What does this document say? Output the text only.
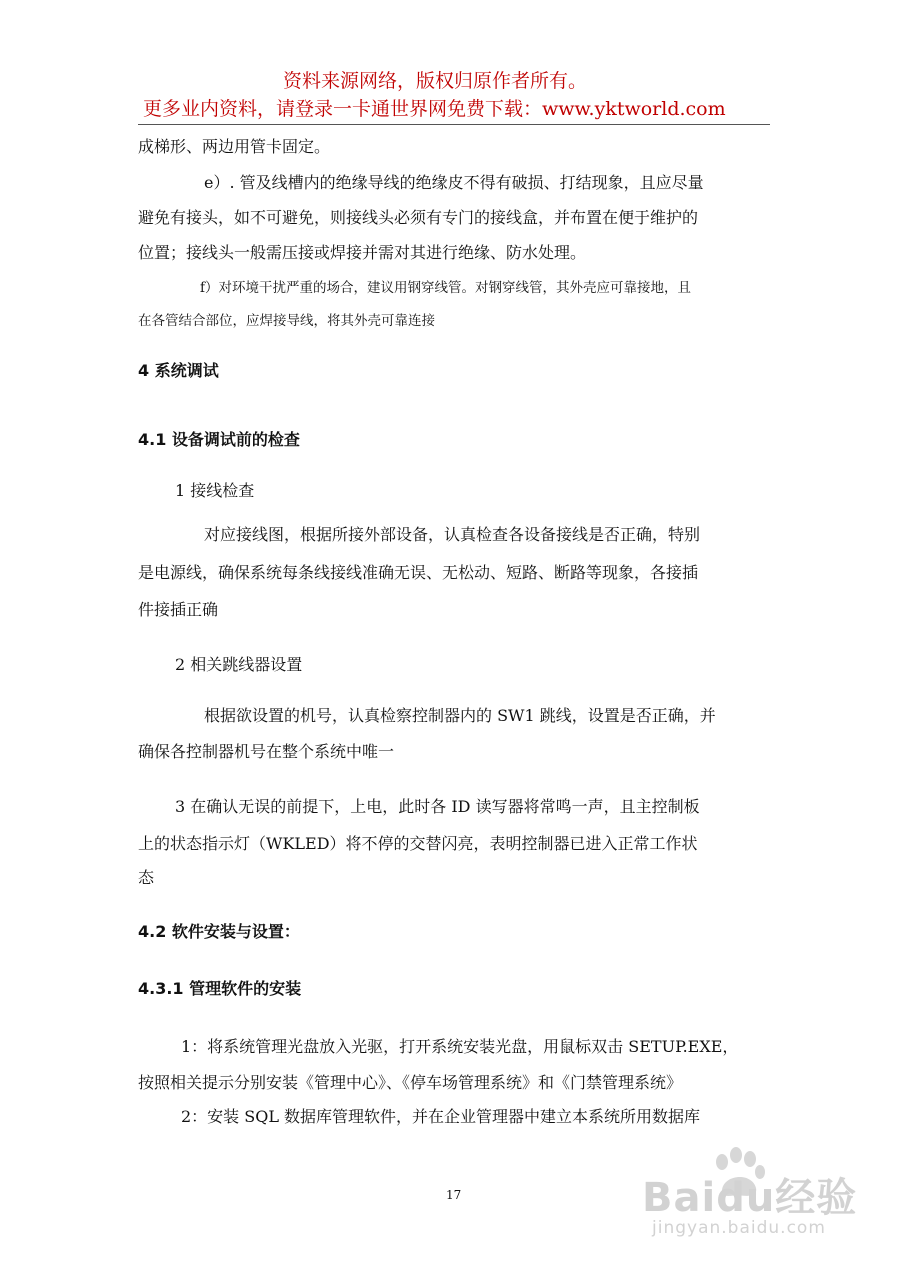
资料来源网络，版权归原作者所有。
更多业内资料，请登录一卡通世界网免费下载：www.yktworld.com
成梯形、两边用管卡固定。
e）. 管及线槽内的绝缘导线的绝缘皮不得有破损、打结现象，且应尽量
避免有接头，如不可避免，则接线头必须有专门的接线盒，并布置在便于维护的
位置；接线头一般需压接或焊接并需对其进行绝缘、防水处理。
f）对环境干扰严重的场合，建议用钢穿线管。对钢穿线管，其外壳应可靠接地，且
在各管结合部位，应焊接导线，将其外壳可靠连接
4 系统调试
4.1 设备调试前的检查
1 接线检查
对应接线图，根据所接外部设备，认真检查各设备接线是否正确，特别
是电源线，确保系统每条线接线准确无误、无松动、短路、断路等现象，各接插
件接插正确
2 相关跳线器设置
根据欲设置的机号，认真检察控制器内的 SW1 跳线，设置是否正确，并
确保各控制器机号在整个系统中唯一
3 在确认无误的前提下，上电，此时各 ID 读写器将常鸣一声，且主控制板
上的状态指示灯（WKLED）将不停的交替闪亮，表明控制器已进入正常工作状
态
4.2 软件安装与设置：
4.3.1 管理软件的安装
1：将系统管理光盘放入光驱，打开系统安装光盘，用鼠标双击 SETUP.EXE，
按照相关提示分别安装《管理中心》、《停车场管理系统》和《门禁管理系统》
2：安装 SQL 数据库管理软件，并在企业管理器中建立本系统所用数据库
17	Baidu经验
jingyan.baidu.com
